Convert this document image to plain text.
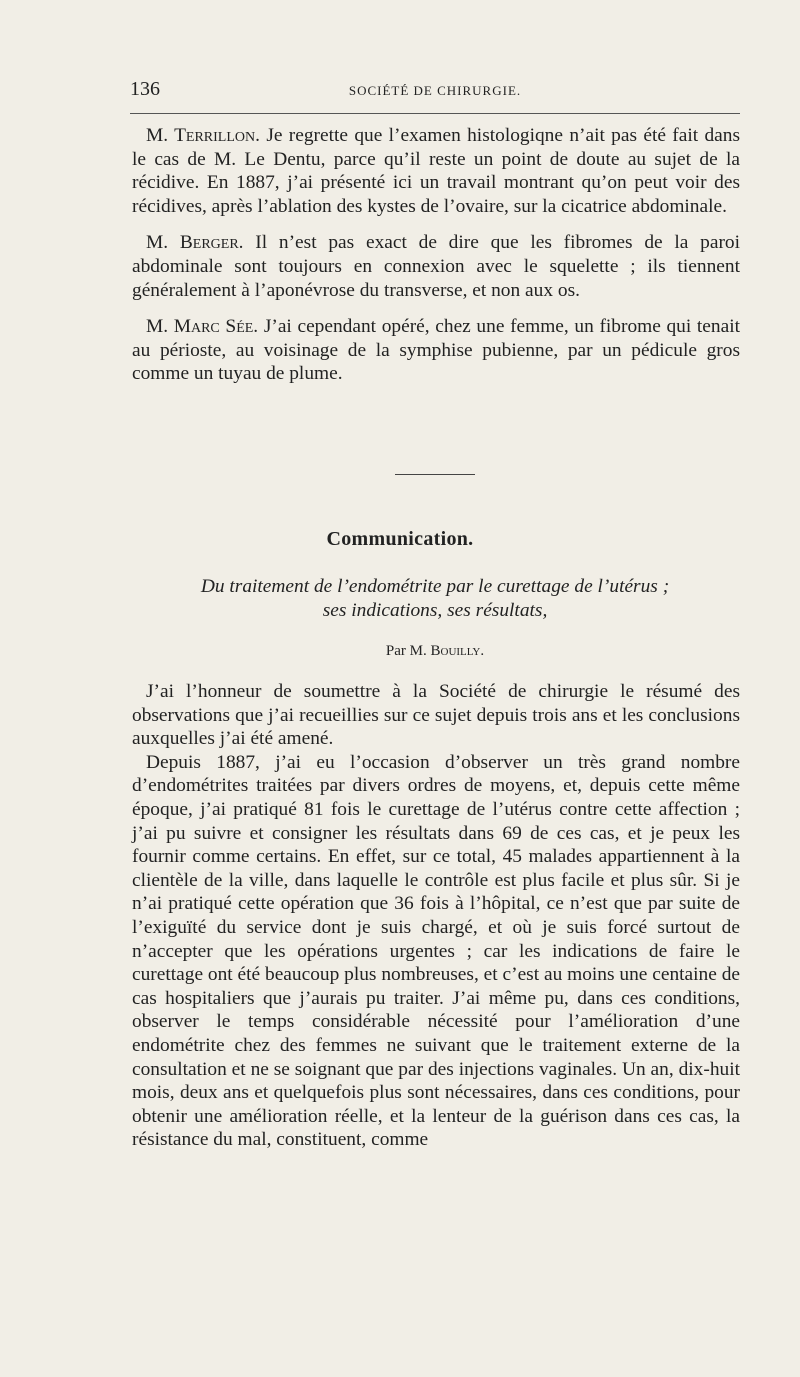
136	SOCIÉTÉ DE CHIRURGIE.

M. Terrillon. Je regrette que l’examen histologiqne n’ait pas été fait dans le cas de M. Le Dentu, parce qu’il reste un point de doute au sujet de la récidive. En 1887, j’ai présenté ici un travail montrant qu’on peut voir des récidives, après l’ablation des kystes de l’ovaire, sur la cicatrice abdominale.

M. Berger. Il n’est pas exact de dire que les fibromes de la paroi abdominale sont toujours en connexion avec le squelette ; ils tiennent généralement à l’aponévrose du transverse, et non aux os.

M. Marc Sée. J’ai cependant opéré, chez une femme, un fibrome qui tenait au périoste, au voisinage de la symphise pubienne, par un pédicule gros comme un tuyau de plume.

Communication.
Du traitement de l’endométrite par le curettage de l’utérus ;
ses indications, ses résultats,
Par M. Bouilly.

J’ai l’honneur de soumettre à la Société de chirurgie le résumé des observations que j’ai recueillies sur ce sujet depuis trois ans et les conclusions auxquelles j’ai été amené.

Depuis 1887, j’ai eu l’occasion d’observer un très grand nombre d’endométrites traitées par divers ordres de moyens, et, depuis cette même époque, j’ai pratiqué 81 fois le curettage de l’utérus contre cette affection ; j’ai pu suivre et consigner les résultats dans 69 de ces cas, et je peux les fournir comme certains. En effet, sur ce total, 45 malades appartiennent à la clientèle de la ville, dans laquelle le contrôle est plus facile et plus sûr. Si je n’ai pratiqué cette opération que 36 fois à l’hôpital, ce n’est que par suite de l’exiguïté du service dont je suis chargé, et où je suis forcé surtout de n’accepter que les opérations urgentes ; car les indications de faire le curettage ont été beaucoup plus nombreuses, et c’est au moins une centaine de cas hospitaliers que j’aurais pu traiter. J’ai même pu, dans ces conditions, observer le temps considérable nécessité pour l’amélioration d’une endométrite chez des femmes ne suivant que le traitement externe de la consultation et ne se soignant que par des injections vaginales. Un an, dix-huit mois, deux ans et quelquefois plus sont nécessaires, dans ces conditions, pour obtenir une amélioration réelle, et la lenteur de la guérison dans ces cas, la résistance du mal, constituent, comme
